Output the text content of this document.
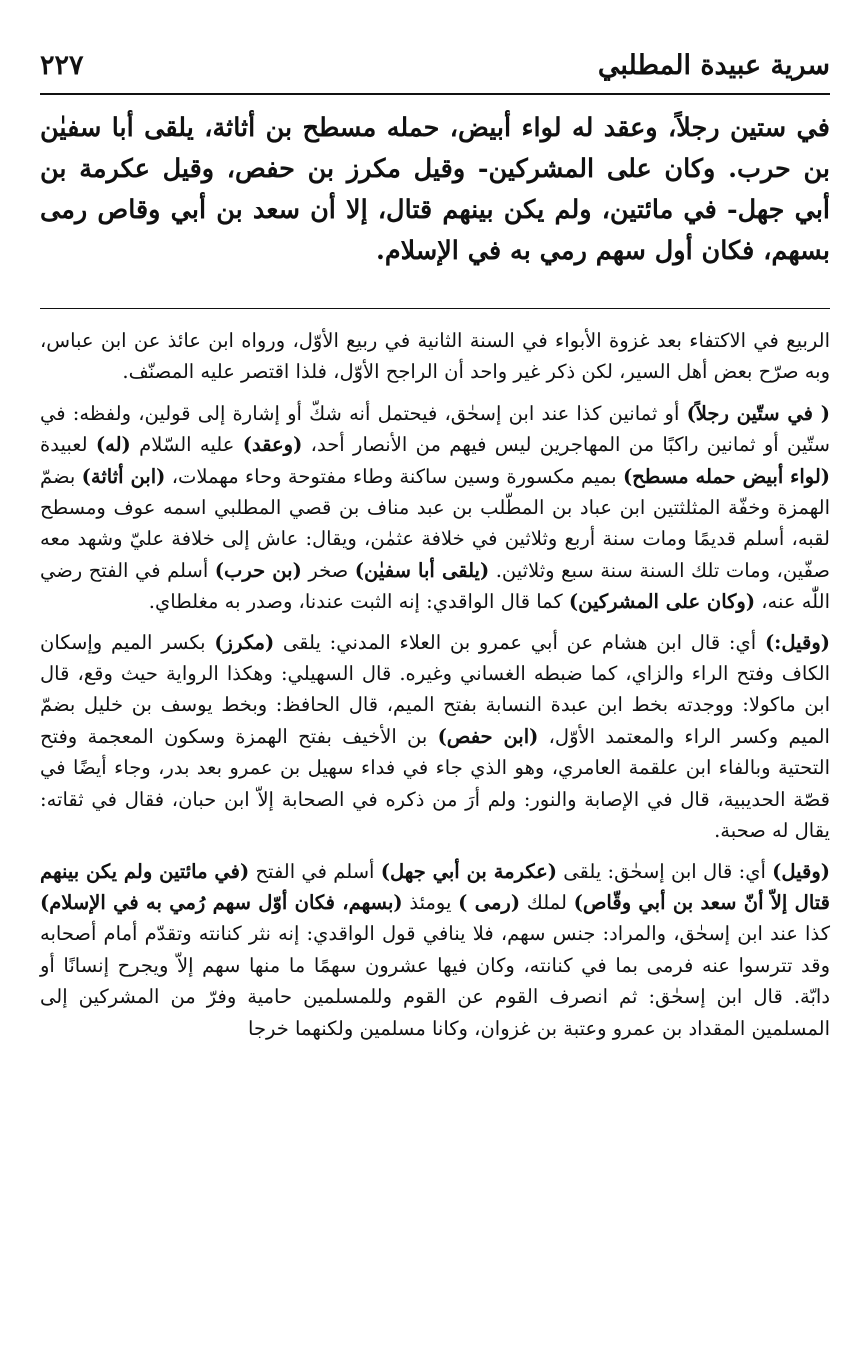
سرية عبيدة المطلبي
٢٢٧

في ستين رجلاً، وعقد له لواء أبيض، حمله مسطح بن أثاثة، يلقى أبا سفيٰن بن حرب. وكان على المشركين- وقيل مكرز بن حفص، وقيل عكرمة بن أبي جهل- في مائتين، ولم يكن بينهم قتال، إلا أن سعد بن أبي وقاص رمى بسهم، فكان أول سهم رمي به في الإسلام.

الربيع في الاكتفاء بعد غزوة الأبواء في السنة الثانية في ربيع الأوّل، ورواه ابن عائذ عن ابن عباس، وبه صرّح بعض أهل السير، لكن ذكر غير واحد أن الراجح الأوّل، فلذا اقتصر عليه المصنّف.

( في ستّين رجلاً) أو ثمانين كذا عند ابن إسحٰق، فيحتمل أنه شكّ أو إشارة إلى قولين، ولفظه: في ستّين أو ثمانين راكبًا من المهاجرين ليس فيهم من الأنصار أحد، (وعقد) عليه السّلام (له) لعبيدة (لواء أبيض حمله مسطح) بميم مكسورة وسين ساكنة وطاء مفتوحة وحاء مهملات، (ابن أثاثة) بضمّ الهمزة وخفّة المثلثتين ابن عباد بن المطّلب بن عبد مناف بن قصي المطلبي اسمه عوف ومسطح لقبه، أسلم قديمًا ومات سنة أربع وثلاثين في خلافة عثمٰن، ويقال: عاش إلى خلافة عليّ وشهد معه صفّين، ومات تلك السنة سنة سبع وثلاثين. (يلقى أبا سفيٰن) صخر (بن حرب) أسلم في الفتح رضي اللّٰه عنه، (وكان على المشركين) كما قال الواقدي: إنه الثبت عندنا، وصدر به مغلطاي.

(وقيل:) أي: قال ابن هشام عن أبي عمرو بن العلاء المدني: يلقى (مكرز) بكسر الميم وإسكان الكاف وفتح الراء والزاي، كما ضبطه الغساني وغيره. قال السهيلي: وهكذا الرواية حيث وقع، قال ابن ماكولا: ووجدته بخط ابن عبدة النسابة بفتح الميم، قال الحافظ: وبخط يوسف بن خليل بضمّ الميم وكسر الراء والمعتمد الأوّل، (ابن حفص) بن الأخيف بفتح الهمزة وسكون المعجمة وفتح التحتية وبالفاء ابن علقمة العامري، وهو الذي جاء في فداء سهيل بن عمرو بعد بدر، وجاء أيضًا في قصّة الحديبية، قال في الإصابة والنور: ولم أرَ من ذكره في الصحابة إلاّ ابن حبان، فقال في ثقاته: يقال له صحبة.

(وقيل) أي: قال ابن إسحٰق: يلقى (عكرمة بن أبي جهل) أسلم في الفتح (في مائتين ولم يكن بينهم قتال إلاّ أنّ سعد بن أبي وقّاص) لملك (رمى ) يومئذ (بسهم، فكان أوّل سهم رُمي به في الإسلام) كذا عند ابن إسحٰق، والمراد: جنس سهم، فلا ينافي قول الواقدي: إنه نثر كنانته وتقدّم أمام أصحابه وقد تترسوا عنه فرمى بما في كنانته، وكان فيها عشرون سهمًا ما منها سهم إلاّ ويجرح إنسانًا أو دابّة. قال ابن إسحٰق: ثم انصرف القوم عن القوم وللمسلمين حامية وفرّ من المشركين إلى المسلمين المقداد بن عمرو وعتبة بن غزوان، وكانا مسلمين ولكنهما خرجا
